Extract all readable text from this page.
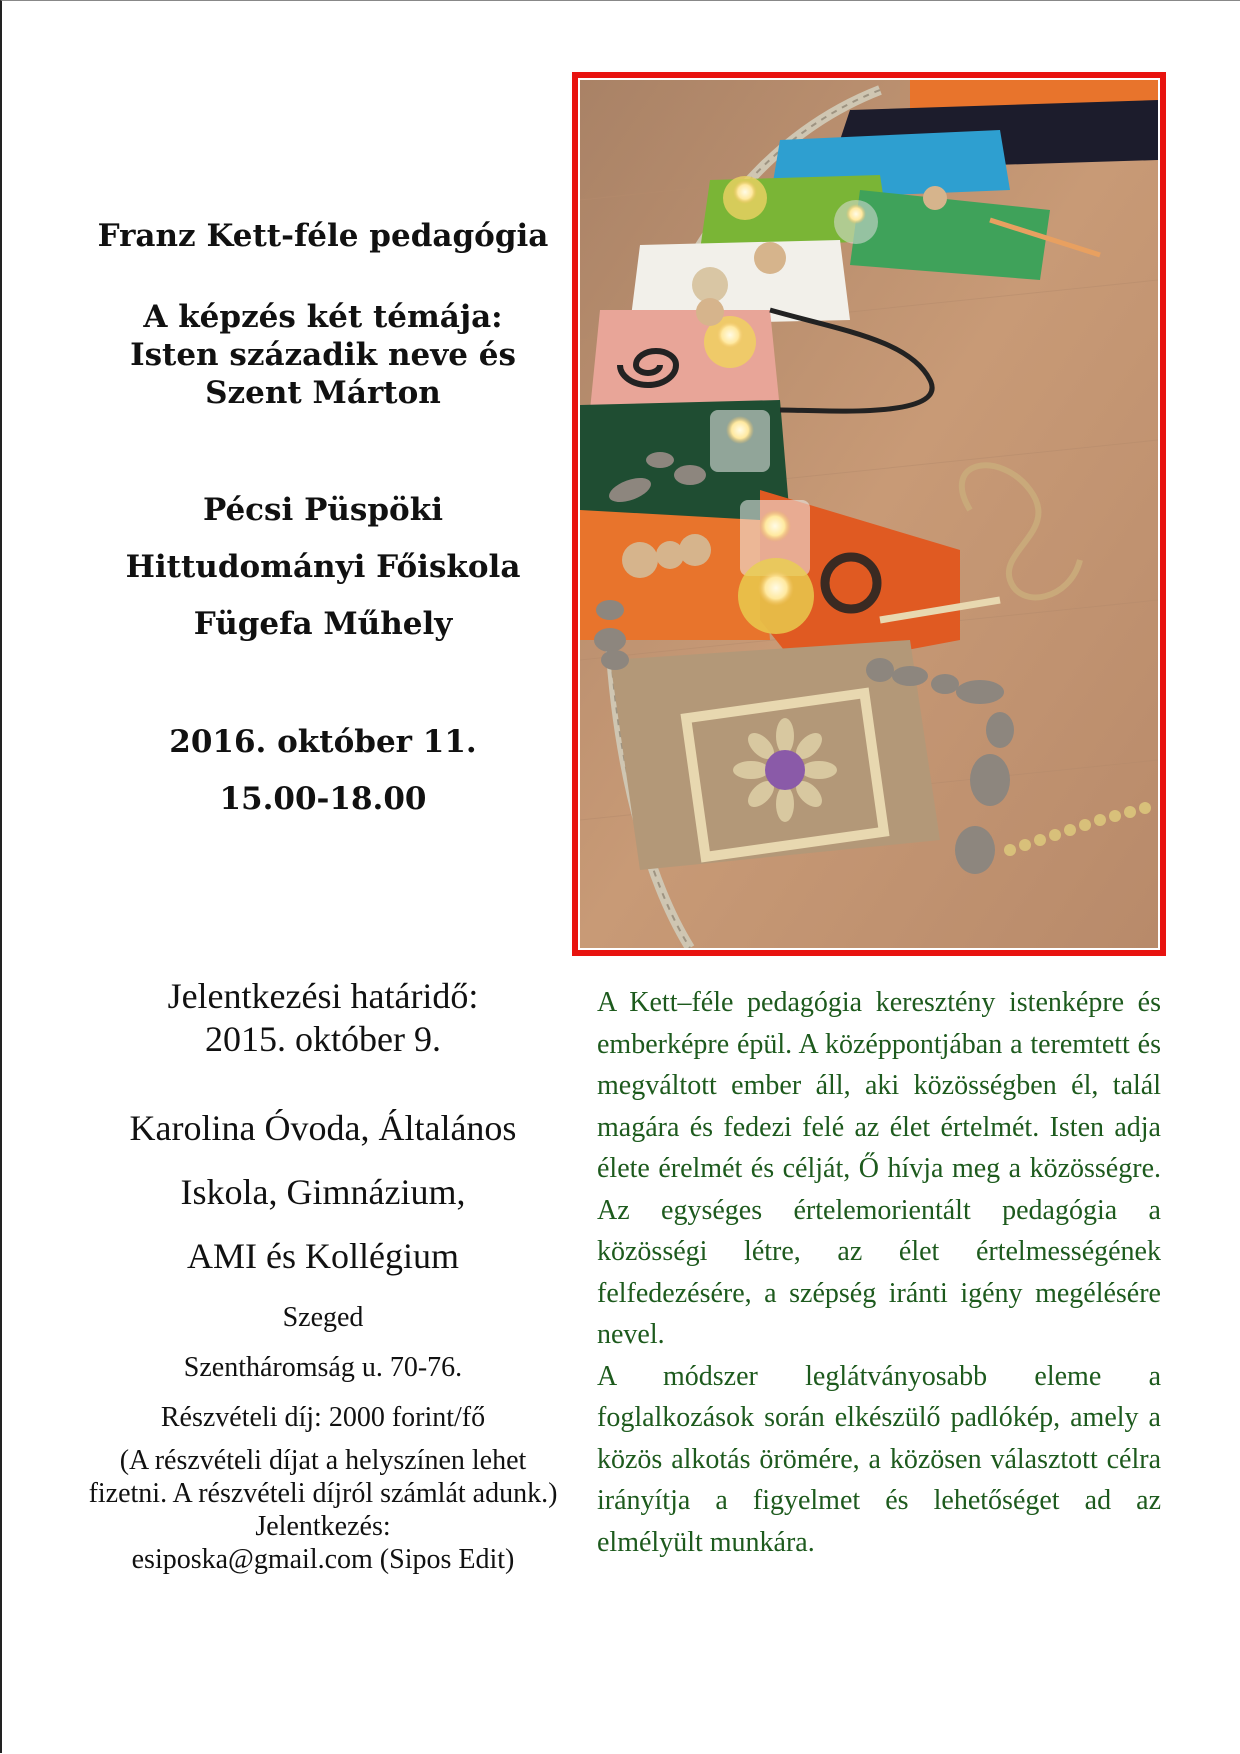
Franz Kett-féle pedagógia
A képzés két témája:
Isten századik neve és Szent Márton
Pécsi Püspöki
Hittudományi Főiskola
Fügefa Műhely
2016. október 11.
15.00-18.00
Jelentkezési határidő:
2015. október 9.
Karolina Óvoda, Általános
Iskola, Gimnázium,
AMI és Kollégium
Szeged
Szentháromság u. 70-76.
Részvételi díj: 2000 forint/fő
(A részvételi díjat a helyszínen lehet fizetni. A részvételi díjról számlát adunk.)
Jelentkezés:
esiposka@gmail.com (Sipos Edit)

A Kett–féle pedagógia keresztény istenképre és emberképre épül. A középpontjában a teremtett és megváltott ember áll, aki közösségben él, talál magára és fedezi felé az élet értelmét. Isten adja élete érelmét és célját, Ő hívja meg a közösségre. Az egységes értelemorientált pedagógia a közösségi létre, az élet értelmességének felfedezésére, a szépség iránti igény megélésére nevel.

A módszer leglátványosabb eleme a foglalkozások során elkészülő padlókép, amely a közös alkotás örömére, a közösen választott célra irányítja a figyelmet és lehetőséget ad az elmélyült munkára.
